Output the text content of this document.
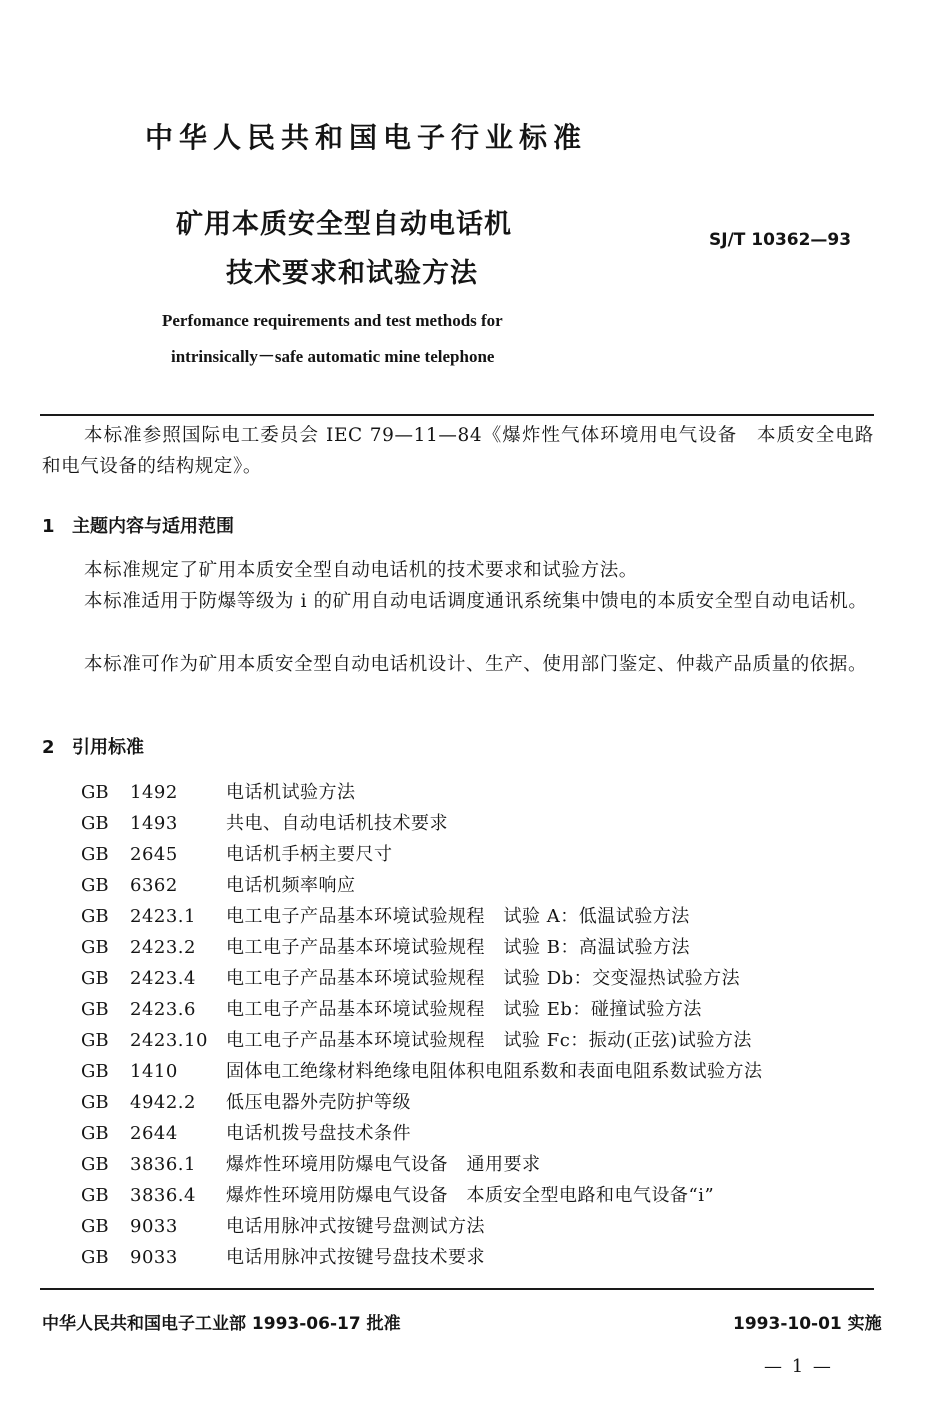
中华人民共和国电子行业标准
矿用本质安全型自动电话机
技术要求和试验方法
SJ/T 10362—93
Perfomance requirements and test methods for
intrinsically－safe automatic mine telephone

本标准参照国际电工委员会 IEC 79—11—84《爆炸性气体环境用电气设备　本质安全电路和电气设备的结构规定》。

1 主题内容与适用范围

本标准规定了矿用本质安全型自动电话机的技术要求和试验方法。

本标准适用于防爆等级为 i 的矿用自动电话调度通讯系统集中馈电的本质安全型自动电话机。

本标准可作为矿用本质安全型自动电话机设计、生产、使用部门鉴定、仲裁产品质量的依据。

2 引用标准
GB 1492	电话机试验方法
GB 1493	共电、自动电话机技术要求
GB 2645	电话机手柄主要尺寸
GB 6362	电话机频率响应
GB 2423.1 电工电子产品基本环境试验规程　试验 A：低温试验方法
GB 2423.2 电工电子产品基本环境试验规程　试验 B：高温试验方法
GB 2423.4 电工电子产品基本环境试验规程　试验 Db：交变湿热试验方法
GB 2423.6 电工电子产品基本环境试验规程　试验 Eb：碰撞试验方法
GB 2423.10 电工电子产品基本环境试验规程　试验 Fc：振动(正弦)试验方法
GB 1410	固体电工绝缘材料绝缘电阻体积电阻系数和表面电阻系数试验方法
GB 4942.2 低压电器外壳防护等级
GB 2644	电话机拨号盘技术条件
GB 3836.1 爆炸性环境用防爆电气设备　通用要求
GB 3836.4 爆炸性环境用防爆电气设备　本质安全型电路和电气设备“i”
GB 9033	电话用脉冲式按键号盘测试方法
GB 9033	电话用脉冲式按键号盘技术要求
中华人民共和国电子工业部 1993-06-17 批准	1993-10-01 实施
— 1 —
